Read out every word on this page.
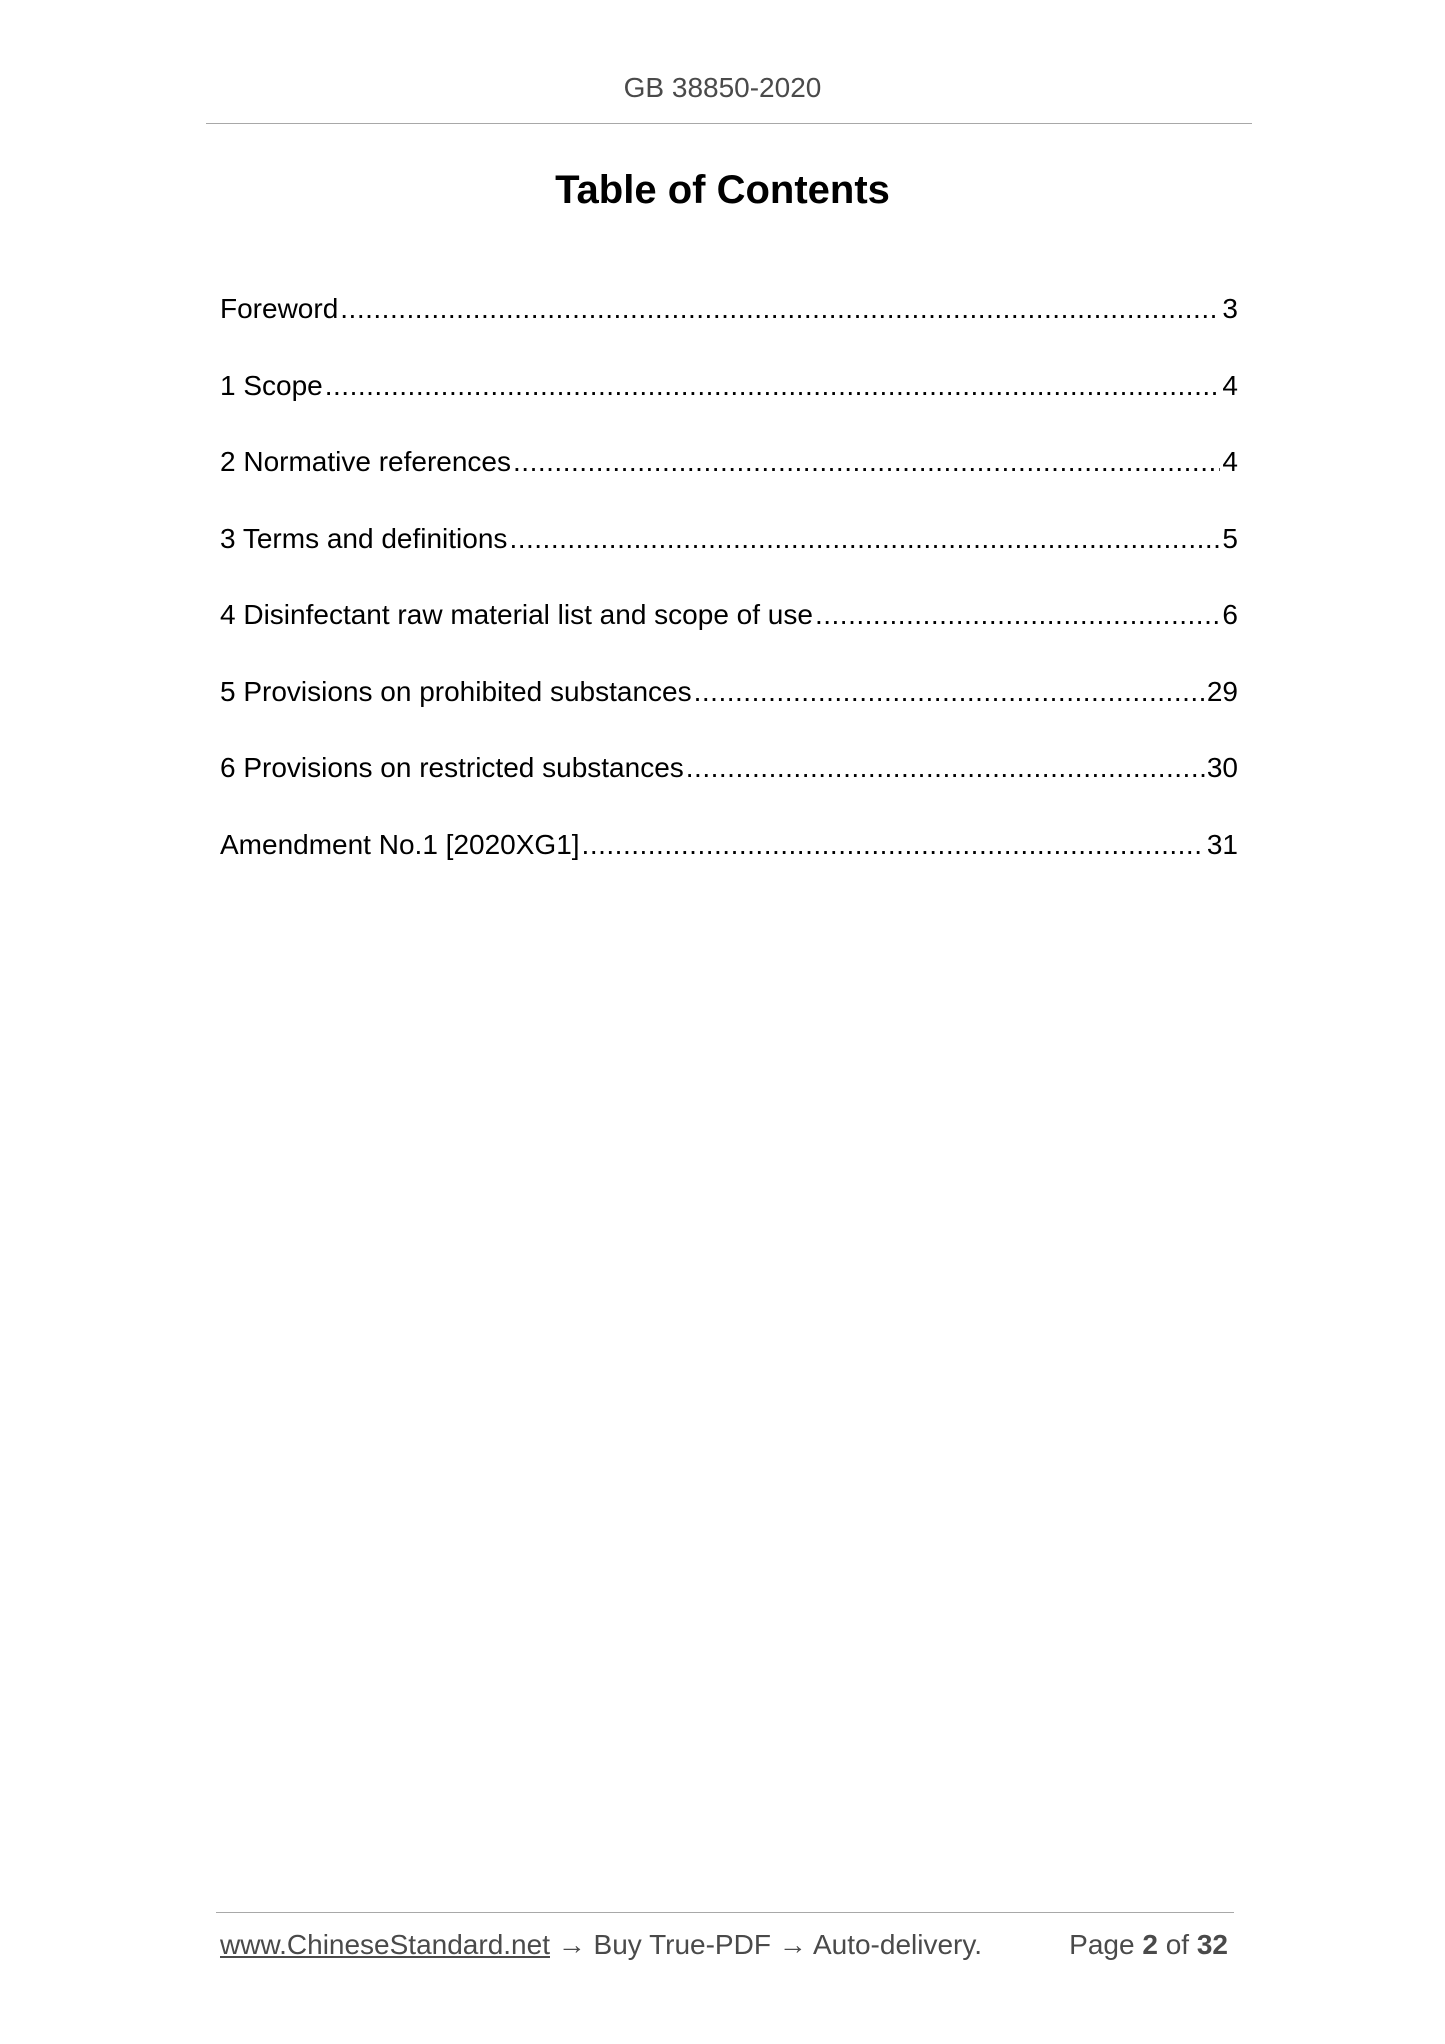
GB 38850-2020
Table of Contents
Foreword .....	3
1 Scope .....	4
2 Normative references .....	4
3 Terms and definitions .....	5
4 Disinfectant raw material list and scope of use .....	6
5 Provisions on prohibited substances .....	29
6 Provisions on restricted substances .....	30
Amendment No.1 [2020XG1] .....	31
www.ChineseStandard.net → Buy True-PDF → Auto-delivery.	Page 2 of 32
